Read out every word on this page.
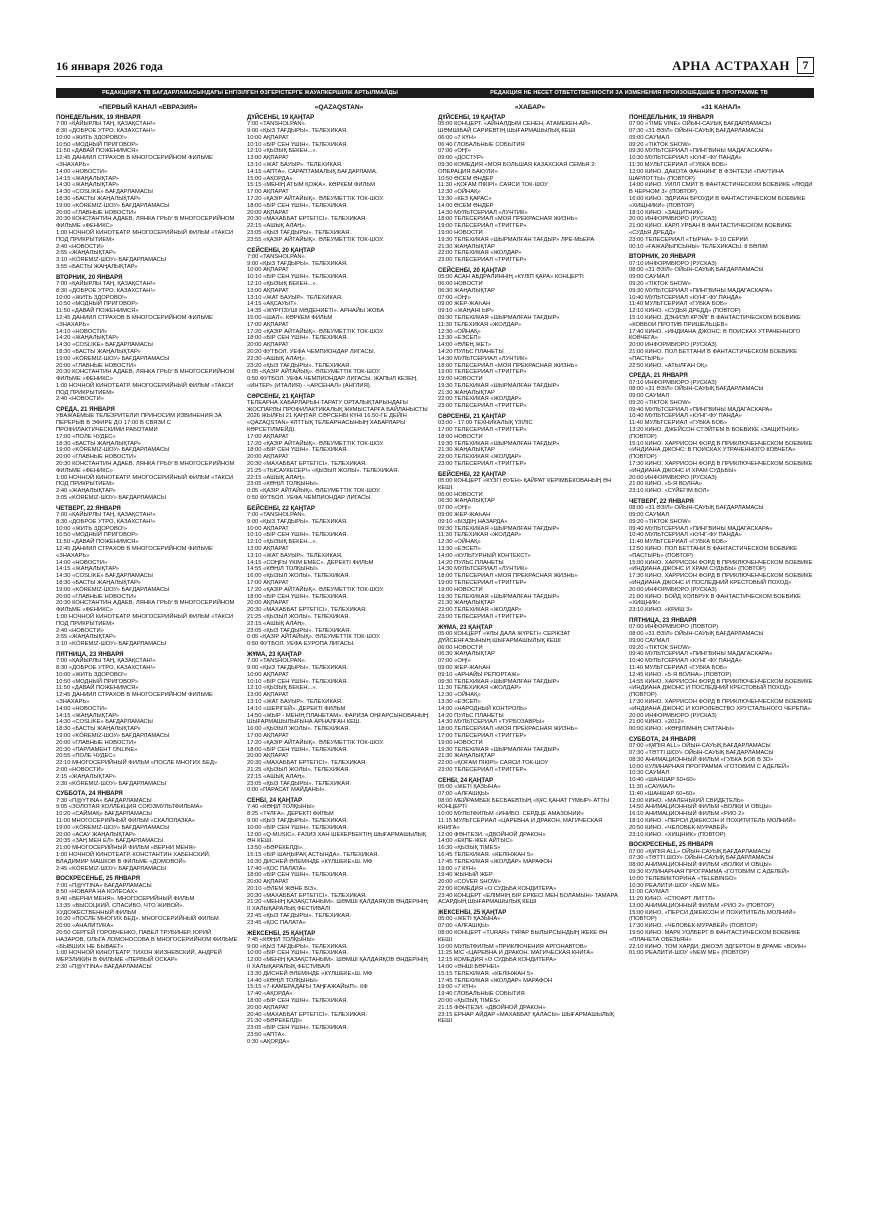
16 января 2026 года	АРНА АСТРАХАН	7
РЕДАКЦИЯҒА ТВ БАҒДАРЛАМАСЫНДАҒЫ ЕНГІЗІЛГЕН ӨЗГЕРІСТЕРГЕ ЖАУАПКЕРШІЛІК АРТЫЛМАЙДЫ	РЕДАКЦИЯ НЕ НЕСЕТ ОТВЕТСТВЕННОСТИ ЗА ИЗМЕНЕНИЯ ПРОИЗОШЕДШИЕ В ПРОГРАММЕ ТВ
«ПЕРВЫЙ КАНАЛ «ЕВРАЗИЯ»
ПОНЕДЕЛЬНИК, 19 ЯНВАРЯ
7:00 «ҚАЙЫРЛЫ ТАҢ, ҚАЗАҚСТАН!»
8:30 «ДОБРОЕ УТРО, КАЗАХСТАН!»
10:00 «ЖИТЬ ЗДОРОВО!»
10:50 «МОДНЫЙ ПРИГОВОР»
11:50 «ДАВАЙ ПОЖЕНИМСЯ»
12:45 ДАНИИЛ СТРАХОВ В МНОГОСЕРИЙНОМ ФИЛЬМЕ «ЗНАХАРЬ»
14:00 «НОВОСТИ»
14:15 «ЖАҢАЛЫҚТАР»
14:30 «ЖАҢАЛЫҚТАР»
14:30 «СOSLIKE» БАҒДАРЛАМАСЫ
18:30 «БАСТЫ ЖАҢАЛЫҚТАР»
19:00 «KÓREMIZ-ШОУ» БАҒДАРЛАМАСЫ
20:00 «ГЛАВНЫЕ НОВОСТИ»
20:30 КОНСТАНТИН АДАЕВ, ЛЯНКА ГРЫУ В МНОГОСЕРИЙНОМ ФИЛЬМЕ «ФЕНИКС»
1:00 НОЧНОЙ КИНОТЕАТР. МНОГОСЕРИЙНЫЙ ФИЛЬМ «ТАКСИ ПОД ПРИКРЫТИЕМ»
2:40 «НОВОСТИ»
2:55 «ЖАҢАЛЫҚТАР»
3:10 «KÓREMIZ-ШОУ» БАҒДАРЛАМАСЫ
3:55 «БАСТЫ ЖАҢАЛЫҚТАР»
ВТОРНИК, 20 ЯНВАРЯ
7:00 «ҚАЙЫРЛЫ ТАҢ, ҚАЗАҚСТАН!»
8:30 «ДОБРОЕ УТРО, КАЗАХСТАН!»
10:00 «ЖИТЬ ЗДОРОВО!»
10:50 «МОДНЫЙ ПРИГОВОР»
11:50 «ДАВАЙ ПОЖЕНИМСЯ»
12:45 ДАНИИЛ СТРАХОВ В МНОГОСЕРИЙНОМ ФИЛЬМЕ «ЗНАХАРЬ»
14:10 «НОВОСТИ»
14:20 «ЖАҢАЛЫҚТАР»
14:30 «СOSLIKE» БАҒДАРЛАМАСЫ
18:30 «БАСТЫ ЖАҢАЛЫҚТАР»
19:00 «KÓREMIZ-ШОУ» БАҒДАРЛАМАСЫ
20:00 «ГЛАВНЫЕ НОВОСТИ»
20:30 КОНСТАНТИН АДАЕВ, ЛЯНКА ГРЫУ В МНОГОСЕРИЙНОМ ФИЛЬМЕ «ФЕНИКС»
1:00 НОЧНОЙ КИНОТЕАТР. МНОГОСЕРИЙНЫЙ ФИЛЬМ «ТАКСИ ПОД ПРИКРЫТИЕМ»
2:40 «НОВОСТИ»
СРЕДА, 21 ЯНВАРЯ
УВАЖАЕМЫЕ ТЕЛЕЗРИТЕЛИ! ПРИНОСИМ ИЗВИНЕНИЯ ЗА ПЕРЕРЫВ В ЭФИРЕ ДО 17:00 В СВЯЗИ С ПРОФИЛАКТИЧЕСКИМИ РАБОТАМИ
17:00 «ПОЛЕ ЧУДЕС»
18:30 «БАСТЫ ЖАҢАЛЫҚТАР»
19:00 «KÓREMIZ-ШОУ» БАҒДАРЛАМАСЫ
20:00 «ГЛАВНЫЕ НОВОСТИ»
20:30 КОНСТАНТИН АДАЕВ, ЛЯНКА ГРЫУ В МНОГОСЕРИЙНОМ ФИЛЬМЕ «ФЕНИКС»
1:00 НОЧНОЙ КИНОТЕАТР. МНОГОСЕРИЙНЫЙ ФИЛЬМ «ТАКСИ ПОД ПРИКРЫТИЕМ»
2:40 «ЖАҢАЛЫҚТАР»
3:05 «KÓREMIZ-ШОУ» БАҒДАРЛАМАСЫ
ЧЕТВЕРГ, 22 ЯНВАРЯ
7:00 «ҚАЙЫРЛЫ ТАҢ, ҚАЗАҚСТАН!»
8:30 «ДОБРОЕ УТРО, КАЗАХСТАН!»
10:00 «ЖИТЬ ЗДОРОВО!»
10:50 «МОДНЫЙ ПРИГОВОР»
11:50 «ДАВАЙ ПОЖЕНИМСЯ»
12:45 ДАНИИЛ СТРАХОВ В МНОГОСЕРИЙНОМ ФИЛЬМЕ «ЗНАХАРЬ»
14:00 «НОВОСТИ»
14:15 «ЖАҢАЛЫҚТАР»
14:30 «СOSLIKE» БАҒДАРЛАМАСЫ
18:30 «БАСТЫ ЖАҢАЛЫҚТАР»
19:00 «KÓREMIZ-ШОУ» БАҒДАРЛАМАСЫ
20:00 «ГЛАВНЫЕ НОВОСТИ»
20:30 КОНСТАНТИН АДАЕВ, ЛЯНКА ГРЫУ В МНОГОСЕРИЙНОМ ФИЛЬМЕ «ФЕНИКС»
1:00 НОЧНОЙ КИНОТЕАТР. МНОГОСЕРИЙНЫЙ ФИЛЬМ «ТАКСИ ПОД ПРИКРЫТИЕМ»
2:40 «НОВОСТИ»
2:55 «ЖАҢАЛЫҚТАР»
3:10 «KÓREMIZ-ШОУ» БАҒДАРЛАМАСЫ
ПЯТНИЦА, 23 ЯНВАРЯ
7:00 «ҚАЙЫРЛЫ ТАҢ, ҚАЗАҚСТАН!»
8:30 «ДОБРОЕ УТРО, КАЗАХСТАН!»
10:00 «ЖИТЬ ЗДОРОВО!»
10:50 «МОДНЫЙ ПРИГОВОР»
11:50 «ДАВАЙ ПОЖЕНИМСЯ»
12:45 ДАНИИЛ СТРАХОВ В МНОГОСЕРИЙНОМ ФИЛЬМЕ «ЗНАХАРЬ»
14:00 «НОВОСТИ»
14:15 «ЖАҢАЛЫҚТАР»
14:30 «СOSLIKE» БАҒДАРЛАМАСЫ
18:30 «БАСТЫ ЖАҢАЛЫҚТАР»
19:00 «KÓREMIZ-ШОУ» БАҒДАРЛАМАСЫ
20:00 «ГЛАВНЫЕ НОВОСТИ»
20:30 «ПАРЛАМЕНТ ONLINE»
20:55 «ПОЛЕ ЧУДЕС»
22:10 МНОГОСЕРИЙНЫЙ ФИЛЬМ «ПОСЛЕ МНОГИХ БЕД»
2:00 «НОВОСТИ»
2:15 «ЖАҢАЛЫҚТАР»
2:30 «KÓREMIZ-ШОУ» БАҒДАРЛАМАСЫ
СУББОТА, 24 ЯНВАРЯ
7:30 «П@YTINA» БАҒДАРЛАМАСЫ
9:05 «ЗОЛОТАЯ КОЛЛЕКЦИЯ СОЮЗМУЛЬТФИЛЬМА»
10:20 «САЙМАҚ» БАҒДАРЛАМАСЫ
11:00 МНОГОСЕРИЙНЫЙ ФИЛЬМ «СКАЛОЛАЗКА»
19:00 «KÓREMIZ-ШОУ» БАҒДАРЛАМАСЫ
20:00 «АСАУ ЖАҢАЛЫҚТАР»
20:35 «ЗАҢ МЕН ЕЛ» БАҒДАРЛАМАСЫ
21:00 МНОГОСЕРИЙНЫЙ ФИЛЬМ «ВЕРНИ МЕНЯ»
1:00 НОЧНОЙ КИНОТЕАТР. КОНСТАНТИН ХАБЕНСКИЙ, ВЛАДИМИР МАШКОВ В ФИЛЬМЕ «ДОМОВОЙ»
2:45 «KÓREMIZ-ШОУ» БАҒДАРЛАМАСЫ
ВОСКРЕСЕНЬЕ, 25 ЯНВАРЯ
7:00 «П@YTINA» БАҒДАРЛАМАСЫ
8:50 «НОВАРА НА КОЛЕСАХ»
9:40 «ВЕРНИ МЕНЯ». МНОГОСЕРИЙНЫЙ ФИЛЬМ
13:35 «ВЫСОЦКИЙ. СПАСИБО, ЧТО ЖИВОЙ». ХУДОЖЕСТВЕННЫЙ ФИЛЬМ
16:20 «ПОСЛЕ МНОГИХ БЕД». МНОГОСЕРИЙНЫЙ ФИЛЬМ
20:00 «АНАЛИТИКА»
20:50 СЕРГЕЙ ГОРОБЧЕНКО, ПАВЕЛ ТРУБИНЕР, ЮРИЙ НАЗАРОВ, ОЛЬГА ЛОМОНОСОВА В МНОГОСЕРИЙНОМ ФИЛЬМЕ «БЫВШИХ НЕ БЫВАЕТ»
1:00 НОЧНОЙ КИНОТЕАТР. ТИХОН ЖИЗНЕВСКИЙ, АНДРЕЙ МЕРЗЛИКИН В ФИЛЬМЕ «ПЕРВЫЙ ОСКАР»
2:30 «П@YTINA» БАҒДАРЛАМАСЫ
«QAZAQSTAN»
ДҮЙСЕНБІ, 19 ҚАҢТАР
7:00 «TANSHOLPAN».
9:00 «ҚЫЗ ТАҒДЫРЫ». ТЕЛЕХИКАЯ.
10:00 АҚПАРАТ
10:10 «БІР СЕН ҮШІН». ТЕЛЕХИКАЯ.
12:10 «ҚЫЗЫҚ БЕКЕН...».
13:00 АҚПАРАТ
13:10 «ЖАТ БАУЫР». ТЕЛЕХИКАЯ.
14:15 «АПТА». САРАПТАМАЛЫҚ БАҒДАРЛАМА.
15:00 «АҚОРДА»
15:15 «МЕНІҢ АТЫМ ҚОЖА». КӨРКЕМ ФИЛЬМ
17:00 АҚПАРАТ
17:20 «ҚАЗІР АЙТАЙЫҚ». ӘЛЕУМЕТТІК ТОК-ШОУ.
18:00 «БІР СЕН ҮШІН». ТЕЛЕХИКАЯ.
20:00 АҚПАРАТ
20:30 «МАХАББАТ ЕРТЕГІСІ». ТЕЛЕХИКАЯ.
22:15 «АШЫҚ АЛАҢ».
23:05 «ҚЫЗ ТАҒДЫРЫ». ТЕЛЕХИКАЯ.
23:55 «ҚАЗІР АЙТАЙЫҚ». ӘЛЕУМЕТТІК ТОК-ШОУ.
СЕЙСЕНБІ, 20 ҚАҢТАР
7:00 «TANSHOLPAN».
9:00 «ҚЫЗ ТАҒДЫРЫ». ТЕЛЕХИКАЯ.
10:00 АҚПАРАТ
10:10 «БІР СЕН ҮШІН». ТЕЛЕХИКАЯ.
12:10 «ҚЫЗЫҚ БЕКЕН...».
13:00 АҚПАРАТ
13:10 «ЖАТ БАУЫР». ТЕЛЕХИКАЯ.
14:15 «АҚСАУЫТ».
14:35 «ЖҮРГІЗУШІ МӘДЕНИЕТІ». АРНАЙЫ ЖОБА
15:00 «ШАЛ». КӨРКЕМ ФИЛЬМ
17:00 АҚПАРАТ
17:20 «ҚАЗІР АЙТАЙЫҚ». ӘЛЕУМЕТТІК ТОК-ШОУ.
18:00 «БІР СЕН ҮШІН». ТЕЛЕХИКАЯ.
20:00 АҚПАРАТ
20:20 ФУТБОЛ. УЕФА ЧЕМПИОНДАР ЛИГАСЫ.
22:30 «АШЫҚ АЛАҢ».
23:20 «ҚЫЗ ТАҒДЫРЫ». ТЕЛЕХИКАЯ.
0:05 «ҚАЗІР АЙТАЙЫҚ». ӘЛЕУМЕТТІК ТОК-ШОУ.
0:50 ФУТБОЛ. УЕФА ЧЕМПИОНДАР ЛИГАСЫ. ЖАПЫЛ КЕЗЕҢ. «ИНТЕР» (ИТАЛИЯ) - «АРСЕНАЛ» (АНГЛИЯ).
СӘРСЕНБІ, 21 ҚАҢТАР
ТЕЛЕАРНА ХАБАРЛАРЫН ТАРАТУ ОРТАЛЫҚТАРЫНДАҒЫ ЖОСПАРЛЫ ПРОФИЛАКТИКАЛЫҚ ЖҰМЫСТАРҒА БАЙЛАНЫСТЫ 2026 ЖЫЛҒЫ 21 ҚАҢТАР, СӘРСЕНБІ КҮНІ 16.50-ГЕ ДЕЙІН «QAZAQSTAN» ҰЛТТЫҚ ТЕЛЕАРНАСЫНЫҢ ХАБАРЛАРЫ КӨРСЕТІЛМЕЙДІ.
17:00 АҚПАРАТ
17:20 «ҚАЗІР АЙТАЙЫҚ». ӘЛЕУМЕТТІК ТОК-ШОУ.
18:00 «БІР СЕН ҮШІН». ТЕЛЕХИКАЯ.
20:00 АҚПАРАТ
20:30 «МАХАББАТ ЕРТЕГІСІ». ТЕЛЕХИКАЯ.
21:25 «ТЫСАУКЕСЕР!» «ҚЫЗЫЛ ЖОЛЫ». ТЕЛЕХИКАЯ.
22:15 «АШЫҚ АЛАҢ».
23:05 «КӨҢІЛ ТОЛҚЫНЫ».
0:05 «ҚАЗІР АЙТАЙЫҚ». ӘЛЕУМЕТТІК ТОК-ШОУ.
0:50 ФУТБОЛ. УЕФА ЧЕМПИОНДАР ЛИГАСЫ.
БЕЙСЕНБІ, 22 ҚАҢТАР
7:00 «TANSHOLPAN».
9:00 «ҚЫЗ ТАҒДЫРЫ». ТЕЛЕХИКАЯ.
10:00 АҚПАРАТ
10:10 «БІР СЕН ҮШІН». ТЕЛЕХИКАЯ.
12:10 «ҚЫЗЫҚ БЕКЕН...».
13:00 АҚПАРАТ
13:10 «ЖАТ БАУЫР». ТЕЛЕХИКАЯ.
14:15 «СОҢҒЫ ҮКІМ ЕМЕС». ДЕРЕКТІ ФИЛЬМ
14:55 «КӨҢІЛ ТОЛҚЫНЫ».
16:00 «ҚЫЗЫЛ ЖОЛЫ». ТЕЛЕХИКАЯ.
17:00 АҚПАРАТ
17:20 «ҚАЗІР АЙТАЙЫҚ». ӘЛЕУМЕТТІК ТОК-ШОУ.
18:00 «БІР СЕН ҮШІН». ТЕЛЕХИКАЯ.
20:00 АҚПАРАТ
20:30 «МАХАББАТ ЕРТЕГІСІ». ТЕЛЕХИКАЯ.
21:25 «ҚЫЗЫЛ ЖОЛЫ». ТЕЛЕХИКАЯ.
22:15 «АШЫҚ АЛАҢ».
23:05 «ҚЫЗ ТАҒДЫРЫ». ТЕЛЕХИКАЯ.
0:05 «ҚАЗІР АЙТАЙЫҚ». ӘЛЕУМЕТТІК ТОК-ШОУ.
0:50 ФУТБОЛ. УЕФА ЕУРОПА ЛИГАСЫ.
ЖҰМА, 23 ҚАҢТАР
7:00 «TANSHOLPAN».
9:00 «ҚЫЗ ТАҒДЫРЫ». ТЕЛЕХИКАЯ.
10:00 АҚПАРАТ
10:10 «БІР СЕН ҮШІН». ТЕЛЕХИКАЯ.
12:10 «ҚЫЗЫҚ БЕКЕН...».
13:00 АҚПАРАТ
13:10 «ЖАТ БАУЫР». ТЕЛЕХИКАЯ.
14:10 «ШЕРІГЕЙ». ДЕРЕКТІ ФИЛЬМ
14:50 «ЖЫР - МЕНІҢ ПЛАНЕТАМ». ФАРИЗА ОҢҒАРСЫНОВАНЫҢ ШЫҒАРМАШЫЛЫҒЫНА АРНАЛҒАН КЕШ.
16:00 «ҚЫЗЫЛ ЖОЛЫ». ТЕЛЕХИКАЯ.
17:00 АҚПАРАТ
17:20 «ҚАЗІР АЙТАЙЫҚ». ӘЛЕУМЕТТІК ТОК-ШОУ.
18:00 «БІР СЕН ҮШІН». ТЕЛЕХИКАЯ.
20:00 АҚПАРАТ
20:30 «МАХАББАТ ЕРТЕГІСІ». ТЕЛЕХИКАЯ.
21:25 «ҚЫЗЫЛ ЖОЛЫ». ТЕЛЕХИКАЯ.
22:15 «АШЫҚ АЛАҢ».
23:05 «ҚЫЗ ТАҒДЫРЫ». ТЕЛЕХИКАЯ.
0:00 «ПАРАСАТ МАЙДАНЫ».
СЕНБІ, 24 ҚАҢТАР
7:40 «КӨҢІЛ ТОЛҚЫНЫ»
8:25 «ТҰЛҒА». ДЕРЕКТІ ФИЛЬМ
9:00 «ҚЫЗ ТАҒДЫРЫ». ТЕЛЕХИКАЯ.
10:00 «БІР СЕН ҮШІН». ТЕЛЕХИКАЯ.
12:00 «Q-MUSIC». ҒАЗИЗ ХАН ШЕКЕРБЕКТІҢ ШЫҒАРМАШЫЛЫҚ ӘН КЕШІ.
13:50 «БӘРЕКЕЛДІ».
15:15 «БІР ШАҢЫРАҚ АСТЫНДА». ТЕЛЕХИКАЯ.
16:30 ДИСНЕЙ ӘЛЕМІНДЕ «КҮЛШЕКЕ»Ш. МФ
17:40 «ҚОС ПАЛАТА».
18:00 «БІР СЕН ҮШІН». ТЕЛЕХИКАЯ.
20:00 АҚПАРАТ
20:10 «ӘЛЕМ ЖӘНЕ БІЗ».
20:30 «МАХАББАТ ЕРТЕГІСІ». ТЕЛЕХИКАЯ.
21:20 «МЕНІҢ ҚАЗАҚСТАНЫМ». ШӘМШІ ҚАЛДАЯҚОВ ӘНДЕРІНІҢ ІІ ХАЛЫҚАРАЛЫҚ ФЕСТИВАЛІ
22:45 «ҚЫЗ ТАҒДЫРЫ». ТЕЛЕХИКАЯ.
23:45 «ҚОС ПАЛАТА»
ЖЕКСЕНБІ, 25 ҚАҢТАР
7:45 «КӨҢІЛ ТОЛҚЫНЫ»
9:00 «ҚЫЗ ТАҒДЫРЫ». ТЕЛЕХИКАЯ.
10:00 «БІР СЕН ҮШІН». ТЕЛЕХИКАЯ.
12:00 «МЕНІҢ ҚАЗАҚСТАНЫМ». ШӘМШІ ҚАЛДАЯҚОВ ӘНДЕРІНІҢ ІІ ХАЛЫҚАРАЛЫҚ ФЕСТИВАЛІ
13:30 ДИСНЕЙ ӘЛЕМІНДЕ «КҮЛШЕКЕ»Ш. МФ
14:40 «КӨҢІЛ ТОЛҚЫНЫ»
15:15 «7-КАМЕРАДАҒЫ ТАҢҒАЖАЙЫП». КФ
17:40 «АҚОРДА»
18:00 «БІР СЕН ҮШІН». ТЕЛЕХИКАЯ.
20:00 АҚПАРАТ
20:40 «МАХАББАТ ЕРТЕГІСІ». ТЕЛЕХИКАЯ.
21:30 «БӘРЕКЕЛДІ»
23:05 «БІР СЕН ҮШІН». ТЕЛЕХИКАЯ.
23:50 «АПТА».
0:30 «АҚОРДА»
«ХАБАР»
ДҮЙСЕНБІ, 19 ҚАҢТАР
05:00 КОНЦЕРТ. «АЙНАЛДЫМ СЕНЕН, АТАМЕКЕН-АЙ». ШӘМШІБАЙ САРИЕВТІҢ ШЫҒАРМАШЫЛЫҚ КЕШІ
06:00 «7 КҮН»
06:40 ГЛОБАЛЬНЫЕ СОБЫТИЯ
07:00 «ОҢ!»
09:00 «ДОСТУР»
09:30 КОМЕДИЯ «МОЯ БОЛЬШАЯ КАЗАХСКАЯ СЕМЬЯ 2: ОПЕРАЦИЯ БАКУЛИ»
10:50 ӨСЕМ ӨНДЕР
11:30 «ҚОҒАМ ПІКІРІ» САЯСИ ТОК-ШОУ
12:30 «ОЙНАҚ»
13:30 «КЕЗ ҚАРАС»
14:00 ӨСЕМ ӨНДЕР
14:30 МУЛЬТСЕРИАЛ «ЛУНТИК»
18:00 ТЕЛЕСЕРИАЛ «МОЯ ПРЕКРАСНАЯ ЖИЗНЬ»
19:00 ТЕЛЕСЕРИАЛ «ТРИГГЕР»
19:00 НОВОСТИ
19:30 ТЕЛЕХИКАЯ «ШЫРМАЛҒАН ТАҒДЫР» ЛРЕ-МЬЕРА
21:30 ЖАҢАЛЫҚТАР
22:00 ТЕЛЕХИКАЯ «ЖОЛДАР»
23:00 ТЕЛЕСЕРИАЛ «ТРИГГЕР»
СЕЙСЕНБІ, 20 ҚАҢТАР
05:00 АСАН АБДРАЛИННІҢ «КҮЛІП ҚАРА» КОНЦЕРТІ
06:00 НОВОСТИ
06:30 ЖАҢАЛЫҚТАР
07:00 «ОҢ!»
09:00 ЖЕР-ЖАҺАН
09:10 «ЖАҢАНІ ЫР»
09:30 ТЕЛЕХИКАЯ «ШЫРМАЛҒАН ТАҒДЫР»
11:30 ТЕЛЕХИКАЯ «ЖОЛДАР»
12:30 «ОЙНАҚ»
13:30 «ЕЭСЕП»
14:00 «ӨЛЕҢ ЖЕТ»
14:20 ПУЛЬС ПЛАНЕТЫ
14:30 МУЛЬТСЕРИАЛ «ЛУНТИК»
18:00 ТЕЛЕСЕРИАЛ «МОЯ ПРЕКРАСНАЯ ЖИЗНЬ»
19:00 ТЕЛЕСЕРИАЛ «ТРИГГЕР»
19:00 НОВОСТИ
19:30 ТЕЛЕХИКАЯ «ШЫРМАЛҒАН ТАҒДЫР»
21:30 ЖАҢАЛЫҚТАР
22:00 ТЕЛЕХИКАЯ «ЖОЛДАР»
23:00 ТЕЛЕСЕРИАЛ «ТРИГГЕР»
СӘРСЕНБІ, 21 ҚАҢТАР
03:00 - 17:00 ТЕХНИКАЛЫҚ ҮЗІЛІС
17:00 ТЕЛЕСЕРИАЛ «ТРИГГЕР»
18:00 НОВОСТИ
19:30 ТЕЛЕХИКАЯ «ШЫРМАЛҒАН ТАҒДЫР»
21:30 ЖАҢАЛЫҚТАР
22:00 ТЕЛЕХИКАЯ «ЖОЛДАР»
23:00 ТЕЛЕСЕРИАЛ «ТРИГГЕР»
БЕЙСЕНБІ, 22 ҚАҢТАР
05:00 КОНЦЕРТ «КҮЗГІ ӘУЕН» ҚАЙРАТ КЕРІМБЕКОВАНЫҢ ӘН КЕШІ.
06:00 НОВОСТИ
06:30 ЖАҢАЛЫҚТАР
07:00 «ОҢ!»
09:00 ЖЕР-ЖАҺАН
09:10 «БІЗДІҢ НАЗАРДА»
09:30 ТЕЛЕХИКАЯ «ШЫРМАЛҒАН ТАҒДЫР»
11:30 ТЕЛЕХИКАЯ «ЖОЛДАР»
12:30 «ОЙНАҚ»
13:30 «ЕЭСЕП»
14:00 «КУЛЬТУРНЫЙ КОНТЕКСТ»
14:20 ПУЛЬС ПЛАНЕТЫ
14:30 МУЛЬТСЕРИАЛ «ЛУНТИК»
18:00 ТЕЛЕСЕРИАЛ «МОЯ ПРЕКРАСНАЯ ЖИЗНЬ»
19:00 ТЕЛЕСЕРИАЛ «ТРИГГЕР»
19:00 НОВОСТИ
19:30 ТЕЛЕХИКАЯ «ШЫРМАЛҒАН ТАҒДЫР»
21:30 ЖАҢАЛЫҚТАР
22:00 ТЕЛЕХИКАЯ «ЖОЛДАР»
23:00 ТЕЛЕСЕРИАЛ «ТРИГГЕР»
ЖҰМА, 23 ҚАҢТАР
05:00 КОНЦЕРТ «ҰЛЫ ДАЛА ЖҮРЕГІ» СЕРІКЗАТ ДҮЙСЕНҒАЗЫНЫҢ ШЫҒАРМАШЫЛЫҚ КЕШІ
06:00 НОВОСТИ
06:30 ЖАҢАЛЫҚТАР
07:00 «ОҢ!»
09:00 ЖЕР-ЖАҺАН
09:10 «АРНАЙЫ РЕПОРТАЖ»
09:30 ТЕЛЕХИКАЯ «ШЫРМАЛҒАН ТАҒДЫР»
11:30 ТЕЛЕХИКАЯ «ЖОЛДАР»
12:30 «ОЙНАҚ»
13:30 «ЕЭСЕП»
14:00 «НАРОДНЫЙ КОНТРОЛЬ»
14:20 ПУЛЬС ПЛАНЕТЫ
14:30 МУЛЬТСЕРИАЛ «ТУРБОЗАВРЫ»
18:00 ТЕЛЕСЕРИАЛ «МОЯ ПРЕКРАСНАЯ ЖИЗНЬ»
17:00 ТЕЛЕСЕРИАЛ «ТРИГГЕР»
19:00 НОВОСТИ
19:30 ТЕЛЕХИКАЯ «ШЫРМАЛҒАН ТАҒДЫР»
21:30 ЖАҢАЛЫҚТАР
22:00 «ҚОҒАМ ПІКІРІ» САЯСИ ТОК-ШОУ
23:00 ТЕЛЕСЕРИАЛ «ТРИГГЕР»
СЕНБІ, 24 ҚАҢТАР
05:00 «ЖЕТІ ҚАЗЫНА»
07:00 «АЛҒАШҚЫ»
08:00 МЕЙРАМБЕК БЕСБАЕВТЫҢ «ҚҰС ҚАНАТ ГҮМЫР» АТТЫ КОНЦЕРТІ
10:00 МУЛЬТФИЛЬМ «ИНИБО. СЕРДЦЕ АМАЗОНИИ»
11:15 МУЛЬТСЕРИАЛ «ЦАРЕВНА И ДРАКОН. МАГИЧЕСКАЯ КНИГА»
12:00 ФӘНТЕЗИ. «ДВОЙНОЙ ДРАКОН»
14:00 «ЕКПЕ-ЖЕК АЙТЫС»
16:30 «ҚЫЗЫҚ TIMES»
16:45 ТЕЛЕХИКАЯ. «КЕЛІНЖАН 5»
17:45 ТЕЛЕХИКАЯ «ЖОЛДАР» МАРАФОН
19:00 «7 КҮН»
19:40 ЖЫНЫЙ ЖЕР
20:00 «COVER SHOW»
22:00 КОМЕДИЯ «О СУДЬБА КОНДИТЕРА»
23:40 КОНЦЕРТ «ЕЛІМНІҢ БІР ЕРКЕСІ МЕН БОЛАМЫН» ТАМАРА АСАРДЫҢ ШЫҒАРМАШЫЛЫҚ КЕШІ
ЖЕКСЕНБІ, 25 ҚАҢТАР
05:00 «ЖЕТІ ҚАЗЫНА»
07:00 «АЛҒАШҚЫ»
08:00 КОНЦЕРТ «TURAR» ТҰРАР БЫЛЫРСЫНДЫҢ ЖЕКЕ ӘН КЕШІ
10:00 МУЛЬТФИЛЬМ «ПРИКЛЮЧЕНИЯ АРГОНАВТОВ»
11:25 М/С «ЦАРЕВНА И ДРАКОН. МАГИЧЕСКАЯ КНИГА»
12:15 КОМЕДИЯ «О СУДЬБА КОНДИТЕРА»
14:00 «ӘНШІ БӨРНЕІ»
15:15 ТЕЛЕХИКАЯ. «КЕЛІНЖАН 5»
17:45 ТЕЛЕХИКАЯ «ЖОЛДАР» МАРАФОН
19:00 «7 КҮН»
19:40 ГЛОБАЛЬНЫЕ СОБЫТИЯ
20:00 «ҚЫЗЫҚ TIMES»
21:15 ФӘНТЕЗИ. «ДВОЙНОЙ ДРАКОН»
23:15 ЕРНАР АЙДАР «МАХАББАТ ҚАЛАСЫ» ШЫҒАРМАШЫЛЫҚ КЕШІ
«31 КАНАЛ»
ПОНЕДЕЛЬНИК, 19 ЯНВАРЯ
07:00 «TIME VINE» ОЙЫН-САУЫҚ БАҒДАРЛАМАСЫ
07:30 «31 ӘЗІЛ» ОЙЫН-САУЫҚ БАҒДАРЛАМАСЫ
09:00 САУМАЛ
09:20 «ТІКТОК SHOW»
09:30 МУЛЬТСЕРИАЛ «ПИНГВИНЫ МАДАГАСКАРА»
10:30 МУЛЬТСЕРИАЛ «КУНГ-ФУ ПАНДА»
11:30 МУЛЬТСЕРИАЛ «ГУБКА БОБ»
12:00 КИНО. ДАКОТА ФАННИНГ В ФЭНТЕЗИ «ПАУТИНА ШАРЛОТТЫ» (ПОВТОР)
14:00 КИНО. УИЛЛ СМИТ В ФАНТАСТИЧЕСКОМ БОЕВИКЕ «ЛЮДИ В ЧЕРНОМ 3» (ПОВТОР)
16:00 КИНО. ЭДРИАН БРОУДИ В ФАНТАСТИЧЕСКОМ БОЕВИКЕ «ХИЩНИКИ» (ПОВТОР)
18:10 КИНО. «ЗАЩИТНИК»
20:00 ИНФОРМБЮРО (РУСКАЗ)
21:00 КИНО. КАРЛ УРБАН В ФАНТАСТИЧЕСКОМ БОЕВИКЕ «СУДЬЯ ДРЕДД»
23:00 ТЕЛЕСЕРИАЛ «ТЫРНА» 9-10 СЕРИИ
00:10 «ҒАЖАЙЫПСЫНЫ» ТЕЛЕХИКАСЫ. 8 БӨЛІМ
ВТОРНИК, 20 ЯНВАРЯ
07:10 ИНФОРМБЮРО (РУСКАЗ)
08:00 «31 ӘЗІЛ» ОЙЫН-САУЫҚ БАҒДАРЛАМАСЫ
09:00 САУМАЛ
09:20 «ТІКТОК SHOW»
09:30 МУЛЬТСЕРИАЛ «ПИНГВИНЫ МАДАГАСКАРА»
10:40 МУЛЬТСЕРИАЛ «КУНГ-ФУ ПАНДА»
11:40 МУЛЬТСЕРИАЛ «ГУБКА БОБ»
12:10 КИНО. «СУДЬЯ ДРЕДД» (ПОВТОР)
15:10 КИНО. ДЭНИЭЛ КРЭЙГ В ФАНТАСТИЧЕСКОМ БОЕВИКЕ «КОВБОИ ПРОТИВ ПРИШЕЛЬЦЕВ»
17:40 КИНО. «ИНДИАНА ДЖОНС: В ПОИСКАХ УТРАЧЕННОГО КОВЧЕГА»
20:00 ИНФОРМБЮРО (РУСКАЗ)
21:00 КИНО. ПОЛ БЕТТАНИ В ФАНТАСТИЧЕСКОМ БОЕВИКЕ «ПАСТЫРЬ»
22:50 КИНО. «АТЫЛҒАН ОҚ»
СРЕДА, 21 ЯНВАРЯ
07:10 ИНФОРМБЮРО (РУСКАЗ)
08:00 «31 ӘЗІЛ» ОЙЫН-САУЫҚ БАҒДАРЛАМАСЫ
09:00 САУМАЛ
09:20 «ТІКТОК SHOW»
09:40 МУЛЬТСЕРИАЛ «ПИНГВИНЫ МАДАГАСКАРА»
10:40 МУЛЬТСЕРИАЛ «КУНГ-ФУ ПАНДА»
11:40 МУЛЬТСЕРИАЛ «ГУБКА БОБ»
13:20 КИНО. ДЖЕЙСОН СТЭЙТЕМ В БОЕВИКЕ «ЗАЩИТНИК» (ПОВТОР)
15:10 КИНО. ХАРРИСОН ФОРД В ПРИКЛЮЧЕНЧЕСКОМ БОЕВИКЕ «ИНДИАНА ДЖОНС: В ПОИСКАХ УТРАЧЕННОГО КОВЧЕГА» (ПОВТОР)
17:30 КИНО. ХАРРИСОН ФОРД В ПРИКЛЮЧЕНЧЕСКОМ БОЕВИКЕ «ИНДИАНА ДЖОНС И ХРАМ СУДЬБЫ»
20:00 ИНФОРМБЮРО (РУСКАЗ)
21:00 КИНО. «5-Я ВОЛНА»
23:10 КИНО. «СҮЙЕГІМ БОЛ»
ЧЕТВЕРГ, 22 ЯНВАРЯ
08:00 «31 ӘЗІЛ» ОЙЫН-САУЫҚ БАҒДАРЛАМАСЫ
09:00 САУМАЛ
09:20 «ТІКТОК SHOW»
09:40 МУЛЬТСЕРИАЛ «ПИНГВИНЫ МАДАГАСКАРА»
10:40 МУЛЬТСЕРИАЛ «КУНГ-ФУ ПАНДА»
11:40 МУЛЬТСЕРИАЛ «ГУБКА БОБ»
12:50 КИНО. ПОЛ БЕТТАНИ В ФАНТАСТИЧЕСКОМ БОЕВИКЕ «ПАСТЫРЬ» (ПОВТОР)
15:00 КИНО. ХАРРИСОН ФОРД В ПРИКЛЮЧЕНЧЕСКОМ БОЕВИКЕ «ИНДИАНА ДЖОНС И ХРАМ СУДЬБЫ» (ПОВТОР)
17:30 КИНО. ХАРРИСОН ФОРД В ПРИКЛЮЧЕНЧЕСКОМ БОЕВИКЕ «ИНДИАНА ДЖОНС И ПОСЛЕДНИЙ КРЕСТОВЫЙ ПОХОД»
20:00 ИНФОРМБЮРО (РУСКАЗ)
21:00 КИНО. БОЙД ХОЛБРУК В ФАНТАСТИЧЕСКОМ БОЕВИКЕ «ХИЩНИК»
23:10 КИНО. «КРИШ 3»
ПЯТНИЦА, 23 ЯНВАРЯ
07:00 ИНФОРМБЮРО (ПОВТОР)
08:00 «31 ӘЗІЛ» ОЙЫН-САУЫҚ БАҒДАРЛАМАСЫ
09:00 САУМАЛ
09:20 «ТІКТОК SHOW»
09:40 МУЛЬТСЕРИАЛ «ПИНГВИНЫ МАДАГАСКАРА»
10:40 МУЛЬТСЕРИАЛ «КУНГ-ФУ ПАНДА»
11:40 МУЛЬТСЕРИАЛ «ГУБКА БОБ»
12:45 КИНО. «5-Я ВОЛНА» (ПОВТОР)
14:55 КИНО. ХАРРИСОН ФОРД В ПРИКЛЮЧЕНЧЕСКОМ БОЕВИКЕ «ИНДИАНА ДЖОНС И ПОСЛЕДНИЙ КРЕСТОВЫЙ ПОХОД» (ПОВТОР)
17:30 КИНО. ХАРРИСОН ФОРД В ПРИКЛЮЧЕНЧЕСКОМ БОЕВИКЕ «ИНДИАНА ДЖОНС И КОРОЛЕВСТВО ХРУСТАЛЬНОГО ЧЕРЕПА»
20:00 ИНФОРМБЮРО (РУСКАЗ)
21:00 КИНО. «2012»
00:00 КИНО. «КӨҢІЛІМНІҢ СҰЛТАНЫ»
СУББОТА, 24 ЯНВАРЯ
07:00 «ҚҰПІЯ ALL» ОЙЫН-САУЫҚ БАҒДАРЛАМАСЫ
07:30 «ТӘТТІ ШОУ» ОЙЫН-САУЫҚ БАҒДАРЛАМАСЫ
08:30 АНИМАЦИОННЫЙ ФИЛЬМ «ГУБКА БОБ В 3D»
10:00 КУЛИНАРНАЯ ПРОГРАММА «ГОТОВИМ С АДЕЛЕЙ»
10:30 САУМАЛ
10:40 «ШАНШАР 60+60»
11:30 «САУМАЛ»
11:40 «ШАНШАР 60+60»
12:00 КИНО. «МАЛЕНЬКИЙ СВИДЕТЕЛЬ»
14:50 АНИМАЦИОННЫЙ ФИЛЬМ «ВОЛКИ И ОВЦЫ»
16:10 АНИМАЦИОННЫЙ ФИЛЬМ «РИО 2»
18:10 КИНО. «ПЕРСИ ДЖЕКСОН И ПОХИТИТЕЛЬ МОЛНИЙ»
20:50 КИНО. «ЧЕЛОВЕК-МУРАВЕЙ»
23:10 КИНО. «ХИЩНИК» (ПОВТОР)
ВОСКРЕСЕНЬЕ, 25 ЯНВАРЯ
07:00 «ҚҰПІЯ ALL» ОЙЫН-САУЫҚ БАҒДАРЛАМАСЫ
07:30 «ТӘТТІ ШОУ» ОЙЫН-САУЫҚ БАҒДАРЛАМАСЫ
08:00 АНИМАЦИОННЫЙ ФИЛЬМ «ВОЛКИ И ОВЦЫ»
09:30 КУЛИНАРНАЯ ПРОГРАММА «ГОТОВИМ С АДЕЛЕЙ»
10:00 ТЕЛЕВИКТОРИНА «TELEBINGO»
10:30 РЕАЛИТИ-ШОУ «NEW ME»
11:00 САУМАЛ
11:20 КИНО. «СТЮАРТ ЛИТТЛ»
13:00 АНИМАЦИОННЫЙ ФИЛЬМ «РИО 2» (ПОВТОР)
15:00 КИНО. «ПЕРСИ ДЖЕКСОН И ПОХИТИТЕЛЬ МОЛНИЙ» (ПОВТОР)
17:30 КИНО. «ЧЕЛОВЕК-МУРАВЕЙ» (ПОВТОР)
19:50 КИНО. МАРК УОЛБЕРГ В ФАНТАСТИЧЕСКОМ БОЕВИКЕ «ПЛАНЕТА ОБЕЗЬЯН»
22:10 КИНО. ТОМ ХАРДИ, ДЖОЭЛ ЭДГЕРТОН В ДРАМЕ «ВОИН»
01:00 РЕАЛИТИ-ШОУ «NEW ME» (ПОВТОР)
